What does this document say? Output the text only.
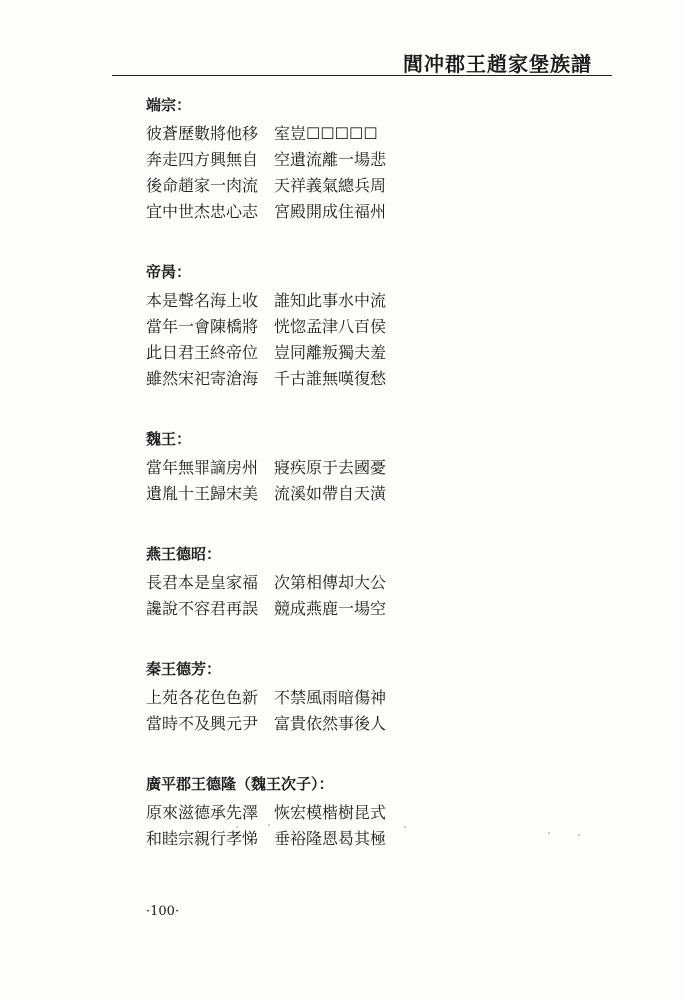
閭冲郡王趙家堡族譜
端宗：
彼蒼歷數將他移 室豈☐☐☐☐☐
奔走四方興無自 空遺流離一場悲
後命趙家一肉流 天祥義氣總兵周
宜中世杰忠心志 宮殿開成住福州
帝昺：
本是聲名海上收 誰知此事水中流
當年一會陳橋將 恍惚孟津八百侯
此日君王終帝位 豈同離叛獨夫羞
雖然宋祀寄滄海 千古誰無嘆復愁
魏王：
當年無罪謫房州 寢疾原于去國憂
遺胤十王歸宋美 流溪如帶自天潢
燕王德昭：
長君本是皇家福 次第相傳却大公
讒說不容君再誤 競成燕鹿一場空
秦王德芳：
上苑各花色色新 不禁風雨暗傷神
當時不及興元尹 富貴依然事後人
廣平郡王德隆（魏王次子）：
原來滋德承先澤 恢宏模楷樹昆式
和睦宗親行孝悌 垂裕隆恩曷其極
·100·
